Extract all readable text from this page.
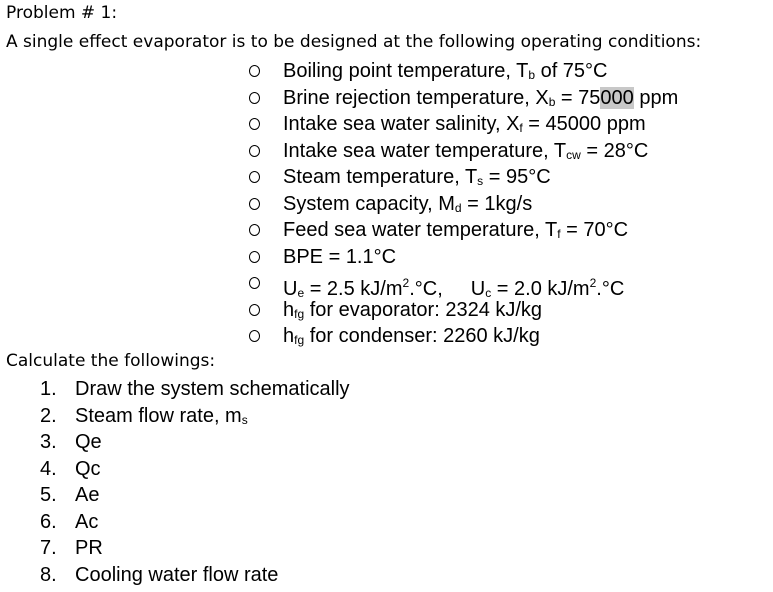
Problem # 1:
A single effect evaporator is to be designed at the following operating conditions:
Boiling point temperature, $T_b$ of 75°C
Brine rejection temperature, $X_b = 75000$ ppm
Intake sea water salinity, $X_f = 45000$ ppm
Intake sea water temperature, $T_{cw} = 28^\circ C$
Steam temperature, $T_s = 95^\circ C$
System capacity, $M_d = 1kg/s$
Feed sea water temperature, $T_f = 70^\circ C$
BPE = 1.1°C
$U_e = 2.5$ $kJ/m^2.^\circ C$, $U_c = 2.0$ $kJ/m^2.^\circ C$
$h_{fg}$ for evaporator: 2324 kJ/kg
$h_{fg}$ for condenser: 2260 kJ/kg
Calculate the followings:
1. Draw the system schematically
2. Steam flow rate, $m_s$
3. Qe
4. Qc
5. Ae
6. Ac
7. PR
8. Cooling water flow rate
